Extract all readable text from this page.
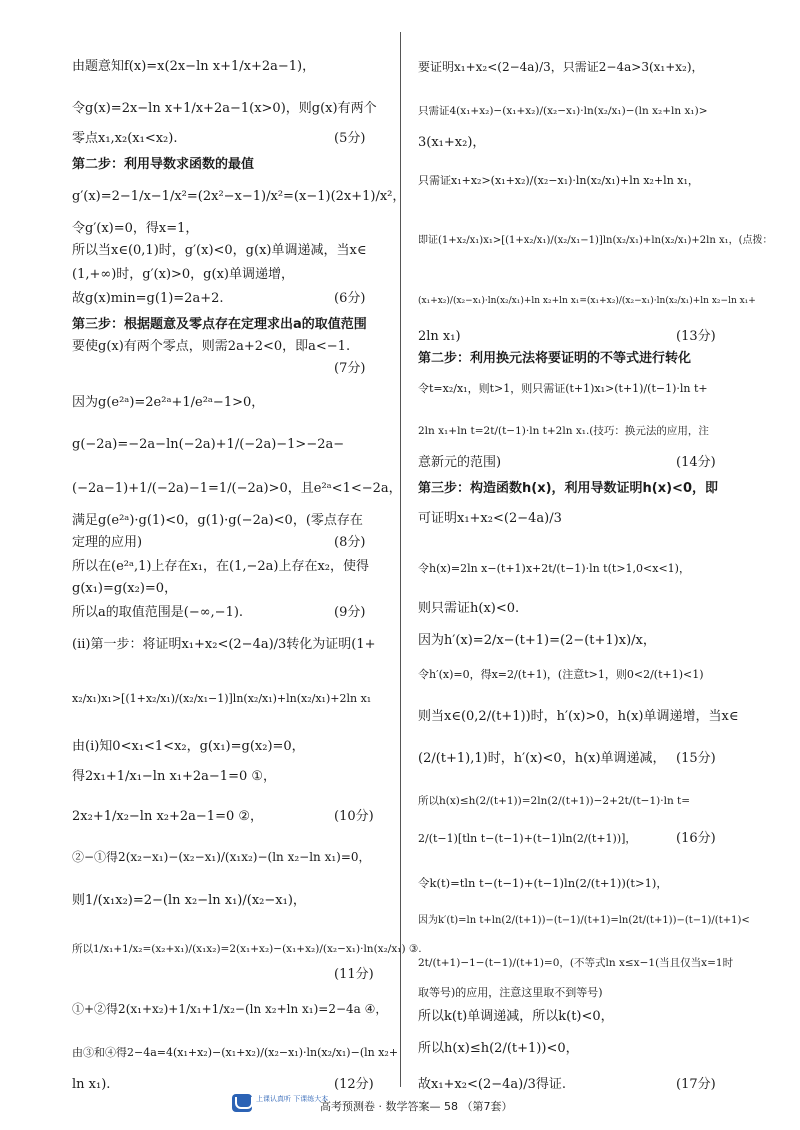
由题意知f(x)=x(2x−ln x+1/x+2a−1)，
令g(x)=2x−ln x+1/x+2a−1(x>0)，则g(x)有两个
零点x₁,x₂(x₁<x₂).	(5分)
第二步：利用导数求函数的最值
g′(x)=2−1/x−1/x²=(2x²−x−1)/x²=(x−1)(2x+1)/x²，
令g′(x)=0，得x=1，
所以当x∈(0,1)时，g′(x)<0，g(x)单调递减，当x∈
(1,+∞)时，g′(x)>0，g(x)单调递增，
故g(x)min=g(1)=2a+2.	(6分)
第三步：根据题意及零点存在定理求出a的取值范围
要使g(x)有两个零点，则需2a+2<0，即a<−1.
(7分)
因为g(e²ᵃ)=2e²ᵃ+1/e²ᵃ−1>0，
g(−2a)=−2a−ln(−2a)+1/(−2a)−1>−2a−
(−2a−1)+1/(−2a)−1=1/(−2a)>0，且e²ᵃ<1<−2a，
满足g(e²ᵃ)·g(1)<0，g(1)·g(−2a)<0，(零点存在
定理的应用)	(8分)
所以在(e²ᵃ,1)上存在x₁，在(1,−2a)上存在x₂，使得
g(x₁)=g(x₂)=0，
所以a的取值范围是(−∞,−1).	(9分)
(ⅱ)第一步：将证明x₁+x₂<(2−4a)/3转化为证明(1+
x₂/x₁)x₁>[(1+x₂/x₁)/(x₂/x₁−1)]ln(x₂/x₁)+ln(x₂/x₁)+2ln x₁
由(ⅰ)知0<x₁<1<x₂，g(x₁)=g(x₂)=0，
得2x₁+1/x₁−ln x₁+2a−1=0 ①，
2x₂+1/x₂−ln x₂+2a−1=0 ②，	(10分)
②−①得2(x₂−x₁)−(x₂−x₁)/(x₁x₂)−(ln x₂−ln x₁)=0，
则1/(x₁x₂)=2−(ln x₂−ln x₁)/(x₂−x₁)，
所以1/x₁+1/x₂=(x₂+x₁)/(x₁x₂)=2(x₁+x₂)−(x₁+x₂)/(x₂−x₁)·ln(x₂/x₁) ③.
(11分)
①+②得2(x₁+x₂)+1/x₁+1/x₂−(ln x₂+ln x₁)=2−4a ④，
由③和④得2−4a=4(x₁+x₂)−(x₁+x₂)/(x₂−x₁)·ln(x₂/x₁)−(ln x₂+
ln x₁).	(12分)
要证明x₁+x₂<(2−4a)/3，只需证2−4a>3(x₁+x₂)，
只需证4(x₁+x₂)−(x₁+x₂)/(x₂−x₁)·ln(x₂/x₁)−(ln x₂+ln x₁)>
3(x₁+x₂)，
只需证x₁+x₂>(x₁+x₂)/(x₂−x₁)·ln(x₂/x₁)+ln x₂+ln x₁，
即证(1+x₂/x₁)x₁>[(1+x₂/x₁)/(x₂/x₁−1)]ln(x₂/x₁)+ln(x₂/x₁)+2ln x₁，(点拨：
(x₁+x₂)/(x₂−x₁)·ln(x₂/x₁)+ln x₂+ln x₁=(x₁+x₂)/(x₂−x₁)·ln(x₂/x₁)+ln x₂−ln x₁+
2ln x₁)	(13分)
第二步：利用换元法将要证明的不等式进行转化
令t=x₂/x₁，则t>1，则只需证(t+1)x₁>(t+1)/(t−1)·ln t+
2ln x₁+ln t=2t/(t−1)·ln t+2ln x₁.(技巧：换元法的应用，注
意新元的范围)	(14分)
第三步：构造函数h(x)，利用导数证明h(x)<0，即
可证明x₁+x₂<(2−4a)/3
令h(x)=2ln x−(t+1)x+2t/(t−1)·ln t(t>1,0<x<1)，
则只需证h(x)<0.
因为h′(x)=2/x−(t+1)=(2−(t+1)x)/x，
令h′(x)=0，得x=2/(t+1)，(注意t>1，则0<2/(t+1)<1)
则当x∈(0,2/(t+1))时，h′(x)>0，h(x)单调递增，当x∈
(2/(t+1),1)时，h′(x)<0，h(x)单调递减， (15分)
所以h(x)≤h(2/(t+1))=2ln(2/(t+1))−2+2t/(t−1)·ln t=
2/(t−1)[tln t−(t−1)+(t−1)ln(2/(t+1))]，	(16分)
令k(t)=tln t−(t−1)+(t−1)ln(2/(t+1))(t>1)，
因为k′(t)=ln t+ln(2/(t+1))−(t−1)/(t+1)=ln(2t/(t+1))−(t−1)/(t+1)<
2t/(t+1)−1−(t−1)/(t+1)=0，(不等式ln x≤x−1(当且仅当x=1时
取等号)的应用，注意这里取不到等号)
所以k(t)单调递减，所以k(t)<0，
所以h(x)≤h(2/(t+1))<0，
故x₁+x₂<(2−4a)/3得证.	(17分)
上课认真听 下课练大本
高考预测卷 · 数学答案— 58 （第7套）
